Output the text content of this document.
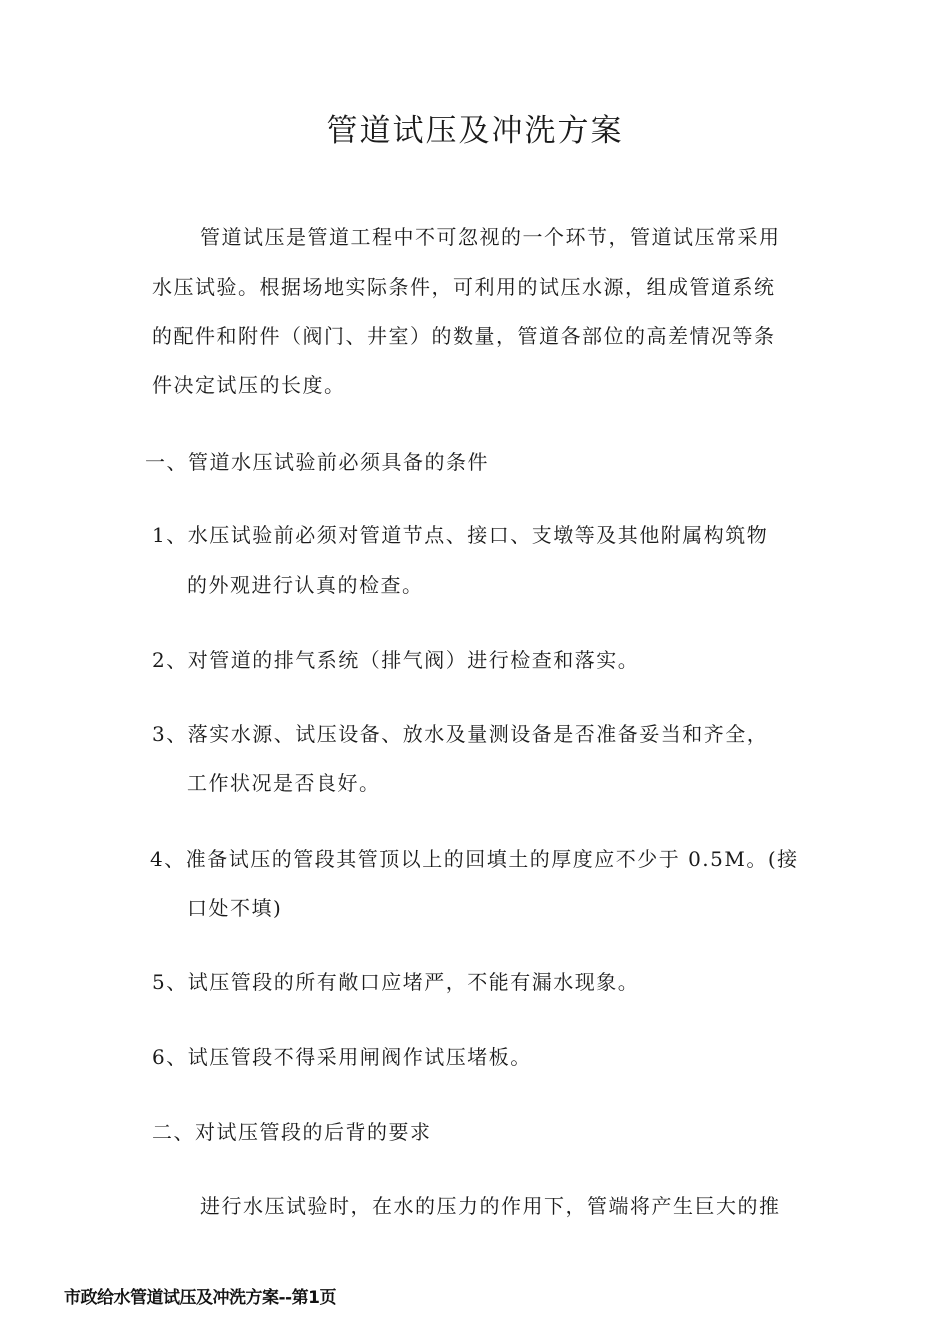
管道试压及冲洗方案
管道试压是管道工程中不可忽视的一个环节，管道试压常采用
水压试验。根据场地实际条件，可利用的试压水源，组成管道系统
的配件和附件（阀门、井室）的数量，管道各部位的高差情况等条
件决定试压的长度。
一、管道水压试验前必须具备的条件
1、水压试验前必须对管道节点、接口、支墩等及其他附属构筑物
的外观进行认真的检查。
2、对管道的排气系统（排气阀）进行检查和落实。
3、落实水源、试压设备、放水及量测设备是否准备妥当和齐全，
工作状况是否良好。
4、准备试压的管段其管顶以上的回填土的厚度应不少于 0.5M。(接
口处不填)
5、试压管段的所有敞口应堵严，不能有漏水现象。
6、试压管段不得采用闸阀作试压堵板。
二、对试压管段的后背的要求
进行水压试验时，在水的压力的作用下，管端将产生巨大的推
市政给水管道试压及冲洗方案--第1页
